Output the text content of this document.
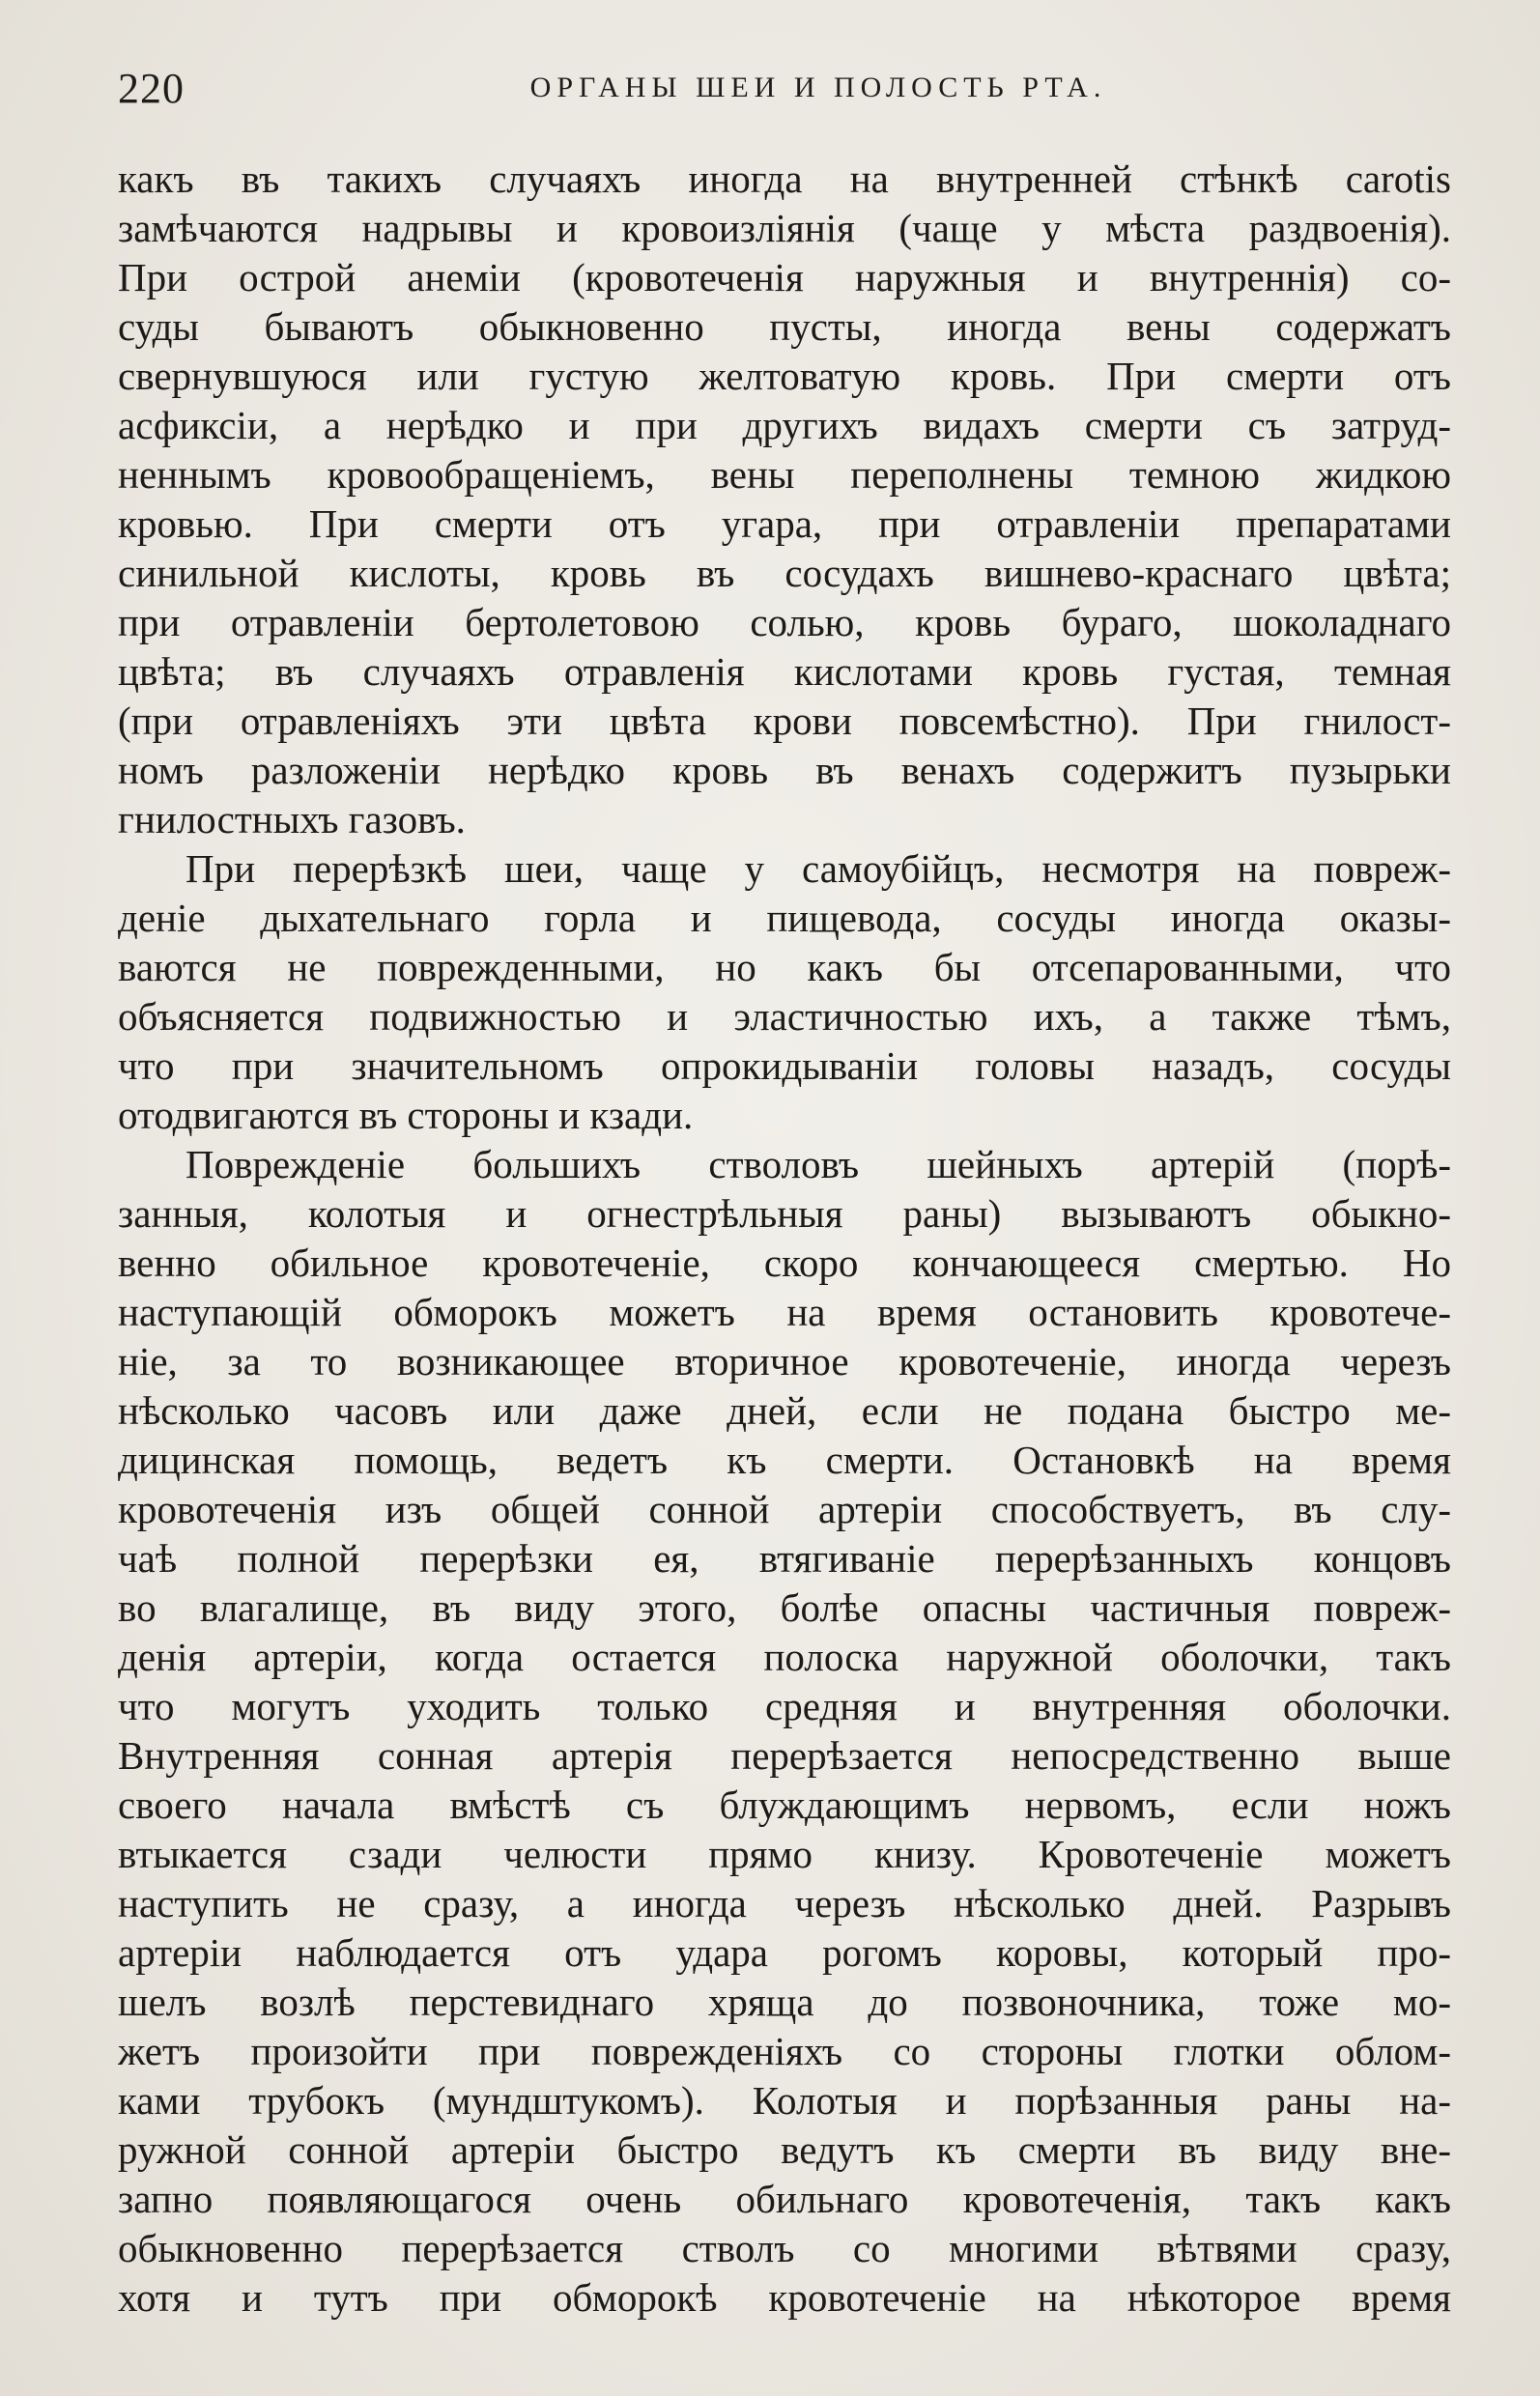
220	ОРГАНЫ ШЕИ И ПОЛОСТЬ РТА.
какъ въ такихъ случаяхъ иногда на внутренней стѣнкѣ carotis
замѣчаются надрывы и кровоизлiянiя (чаще у мѣста раздвоенiя).
При острой анемiи (кровотеченiя наружныя и внутреннiя) со-
суды бываютъ обыкновенно пусты, иногда вены содержатъ
свернувшуюся или густую желтоватую кровь. При смерти отъ
асфиксiи, а нерѣдко и при другихъ видахъ смерти съ затруд-
неннымъ кровообращенiемъ, вены переполнены темною жидкою
кровью. При смерти отъ угара, при отравленiи препаратами
синильной кислоты, кровь въ сосудахъ вишнево-краснаго цвѣта;
при отравленiи бертолетовою солью, кровь бураго, шоколаднаго
цвѣта; въ случаяхъ отравленiя кислотами кровь густая, темная
(при отравленiяхъ эти цвѣта крови повсемѣстно). При гнилост-
номъ разложенiи нерѣдко кровь въ венахъ содержитъ пузырьки
гнилостныхъ газовъ.
При перерѣзкѣ шеи, чаще у самоубiйцъ, несмотря на повреж-
денiе дыхательнаго горла и пищевода, сосуды иногда оказы-
ваются не поврежденными, но какъ бы отсепарованными, что
объясняется подвижностью и эластичностью ихъ, а также тѣмъ,
что при значительномъ опрокидыванiи головы назадъ, сосуды
отодвигаются въ стороны и кзади.
Поврежденiе большихъ стволовъ шейныхъ артерiй (порѣ-
занныя, колотыя и огнестрѣльныя раны) вызываютъ обыкно-
венно обильное кровотеченiе, скоро кончающееся смертью. Но
наступающiй обморокъ можетъ на время остановить кровотече-
нiе, за то возникающее вторичное кровотеченiе, иногда черезъ
нѣсколько часовъ или даже дней, если не подана быстро ме-
дицинская помощь, ведетъ къ смерти. Остановкѣ на время
кровотеченiя изъ общей сонной артерiи способствуетъ, въ слу-
чаѣ полной перерѣзки ея, втягиванiе перерѣзанныхъ концовъ
во влагалище, въ виду этого, болѣе опасны частичныя повреж-
денiя артерiи, когда остается полоска наружной оболочки, такъ
что могутъ уходить только средняя и внутренняя оболочки.
Внутренняя сонная артерiя перерѣзается непосредственно выше
своего начала вмѣстѣ съ блуждающимъ нервомъ, если ножъ
втыкается сзади челюсти прямо книзу. Кровотеченiе можетъ
наступить не сразу, а иногда черезъ нѣсколько дней. Разрывъ
артерiи наблюдается отъ удара рогомъ коровы, который про-
шелъ возлѣ перстевиднаго хряща до позвоночника, тоже мо-
жетъ произойти при поврежденiяхъ со стороны глотки облом-
ками трубокъ (мундштукомъ). Колотыя и порѣзанныя раны на-
ружной сонной артерiи быстро ведутъ къ смерти въ виду вне-
запно появляющагося очень обильнаго кровотеченiя, такъ какъ
обыкновенно перерѣзается стволъ со многими вѣтвями сразу,
хотя и тутъ при обморокѣ кровотеченiе на нѣкоторое время
